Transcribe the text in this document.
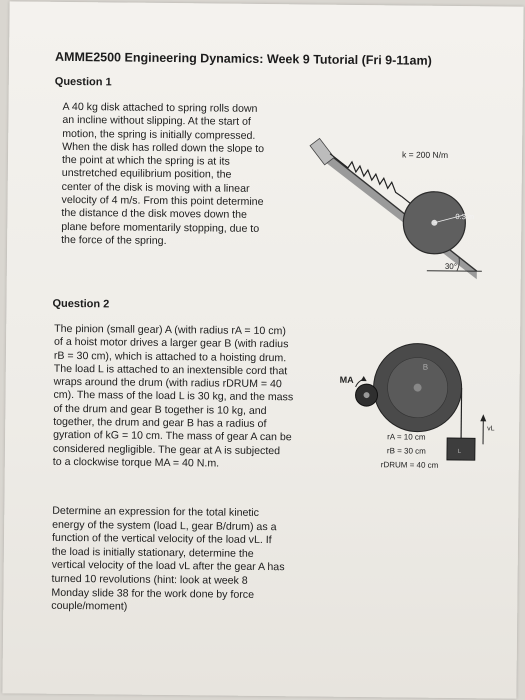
AMME2500 Engineering Dynamics: Week 9 Tutorial (Fri 9-11am)
Question 1
A 40 kg disk attached to spring rolls down
an incline without slipping. At the start of
motion, the spring is initially compressed.
When the disk has rolled down the slope to
the point at which the spring is at its
unstretched equilibrium position, the
center of the disk is moving with a linear
velocity of 4 m/s. From this point determine
the distance d the disk moves down the
plane before momentarily stopping, due to
the force of the spring.
k = 200 N/m
0.3 m
30°
Question 2
The pinion (small gear) A (with radius rA = 10 cm)
of a hoist motor drives a larger gear B (with radius
rB = 30 cm), which is attached to a hoisting drum.
The load L is attached to an inextensible cord that
wraps around the drum (with radius rDRUM = 40
cm). The mass of the load L is 30 kg, and the mass
of the drum and gear B together is 10 kg, and
together, the drum and gear B has a radius of
gyration of kG = 10 cm. The mass of gear A can be
considered negligible. The gear at A is subjected
to a clockwise torque MA = 40 N.m.
Determine an expression for the total kinetic
energy of the system (load L, gear B/drum) as a
function of the vertical velocity of the load vL. If
the load is initially stationary, determine the
vertical velocity of the load vL after the gear A has
turned 10 revolutions (hint: look at week 8
Monday slide 38 for the work done by force
couple/moment)
B
MA
L
vL
rA = 10 cm
rB = 30 cm
rDRUM = 40 cm
